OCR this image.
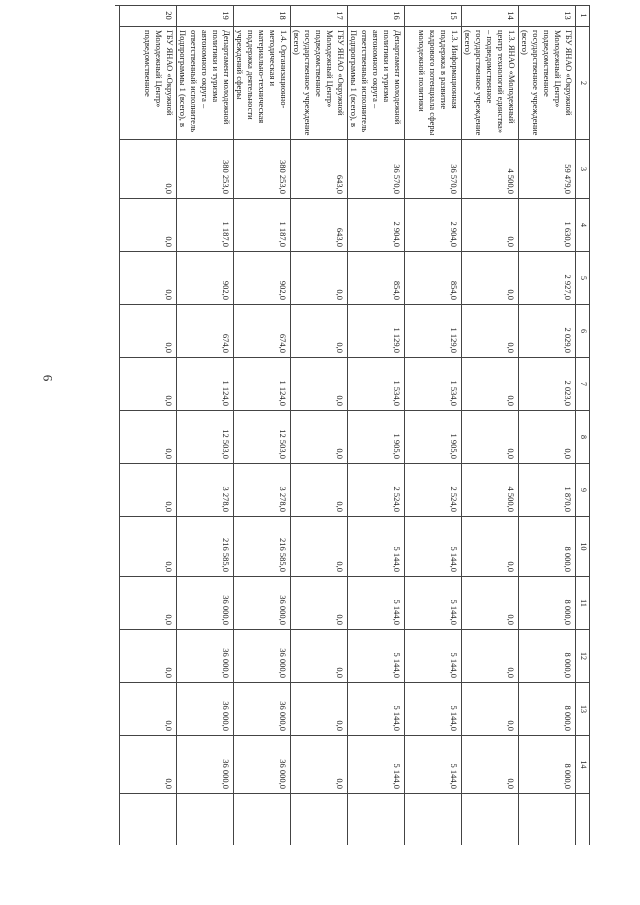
6
1
2
3
4
5
6
7
8
9
10
11
12
13
14
13
ГБУ ЯНАО «Окружной Молодежный Центр» подведомственное государственное учреждение (всего)
59 479,0
1 630,0
2 927,0
2 029,0
2 023,0
0,0
1 870,0
8 000,0
8 000,0
8 000,0
8 000,0
8 000,0
14
1.3. ЯНАО «Молодежный центр технологий единства» – подведомственное государственное учреждение (всего)
4 500,0
0,0
0,0
0,0
0,0
0,0
4 500,0
0,0
0,0
0,0
0,0
0,0
15
1.3. Информационная поддержка в развитие кадрового потенциала сферы молодежной политики
36 570,0
2 904,0
854,0
1 129,0
1 534,0
1 905,0
2 524,0
5 144,0
5 144,0
5 144,0
5 144,0
5 144,0
16
Департамент молодежной политики и туризма автономного округа – ответственный исполнитель Подпрограммы 1 (всего), в
36 570,0
2 904,0
854,0
1 129,0
1 534,0
1 905,0
2 524,0
5 144,0
5 144,0
5 144,0
5 144,0
5 144,0
17
ГБУ ЯНАО «Окружной Молодежный Центр» подведомственное государственное учреждение (всего)
643,0
643,0
0,0
0,0
0,0
0,0
0,0
0,0
0,0
0,0
0,0
0,0
18
1.4. Организационно-методическая и материально-техническая поддержка деятельности учреждений сферы
380 253,0
1 187,0
902,0
674,0
1 124,0
12 503,0
3 278,0
216 585,0
36 000,0
36 000,0
36 000,0
36 000,0
19
Департамент молодежной политики и туризма автономного округа – ответственный исполнитель Подпрограммы 1 (всего), в
380 253,0
1 187,0
902,0
674,0
1 124,0
12 503,0
3 278,0
216 585,0
36 000,0
36 000,0
36 000,0
36 000,0
20
ГБУ ЯНАО «Окружной Молодежный Центр» подведомственное
0,0
0,0
0,0
0,0
0,0
0,0
0,0
0,0
0,0
0,0
0,0
0,0
